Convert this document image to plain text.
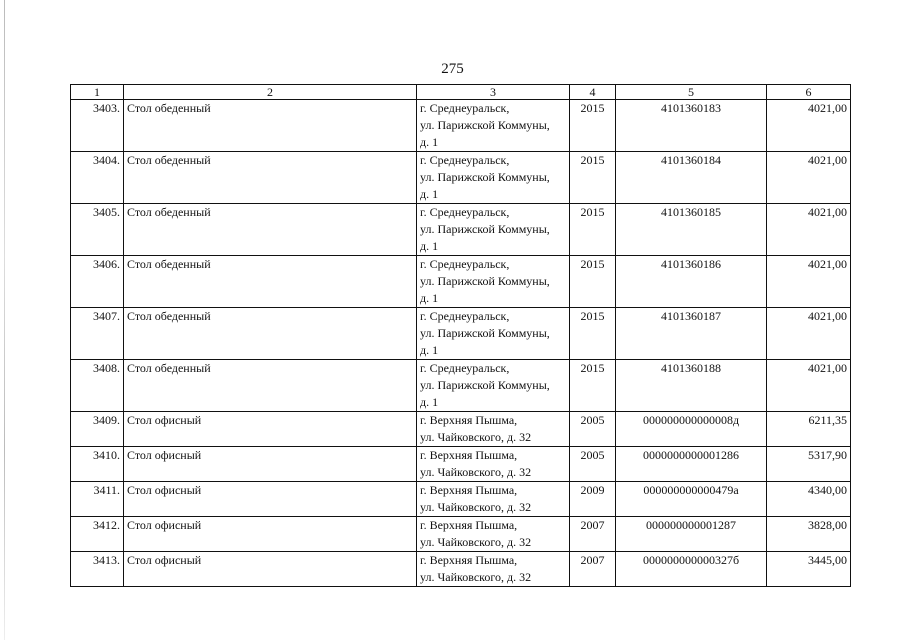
275
1	2	3	4	5	6
3403.	Стол обеденный	г. Среднеуральск,
ул. Парижской Коммуны,
д. 1	2015	4101360183	4021,00
3404.	Стол обеденный	г. Среднеуральск,
ул. Парижской Коммуны,
д. 1	2015	4101360184	4021,00
3405.	Стол обеденный	г. Среднеуральск,
ул. Парижской Коммуны,
д. 1	2015	4101360185	4021,00
3406.	Стол обеденный	г. Среднеуральск,
ул. Парижской Коммуны,
д. 1	2015	4101360186	4021,00
3407.	Стол обеденный	г. Среднеуральск,
ул. Парижской Коммуны,
д. 1	2015	4101360187	4021,00
3408.	Стол обеденный	г. Среднеуральск,
ул. Парижской Коммуны,
д. 1	2015	4101360188	4021,00
3409.	Стол офисный	г. Верхняя Пышма,
ул. Чайковского, д. 32	2005	000000000000008д	6211,35
3410.	Стол офисный	г. Верхняя Пышма,
ул. Чайковского, д. 32	2005	0000000000001286	5317,90
3411.	Стол офисный	г. Верхняя Пышма,
ул. Чайковского, д. 32	2009	000000000000479а	4340,00
3412.	Стол офисный	г. Верхняя Пышма,
ул. Чайковского, д. 32	2007	000000000001287	3828,00
3413.	Стол офисный	г. Верхняя Пышма,
ул. Чайковского, д. 32	2007	000000000000327б	3445,00
